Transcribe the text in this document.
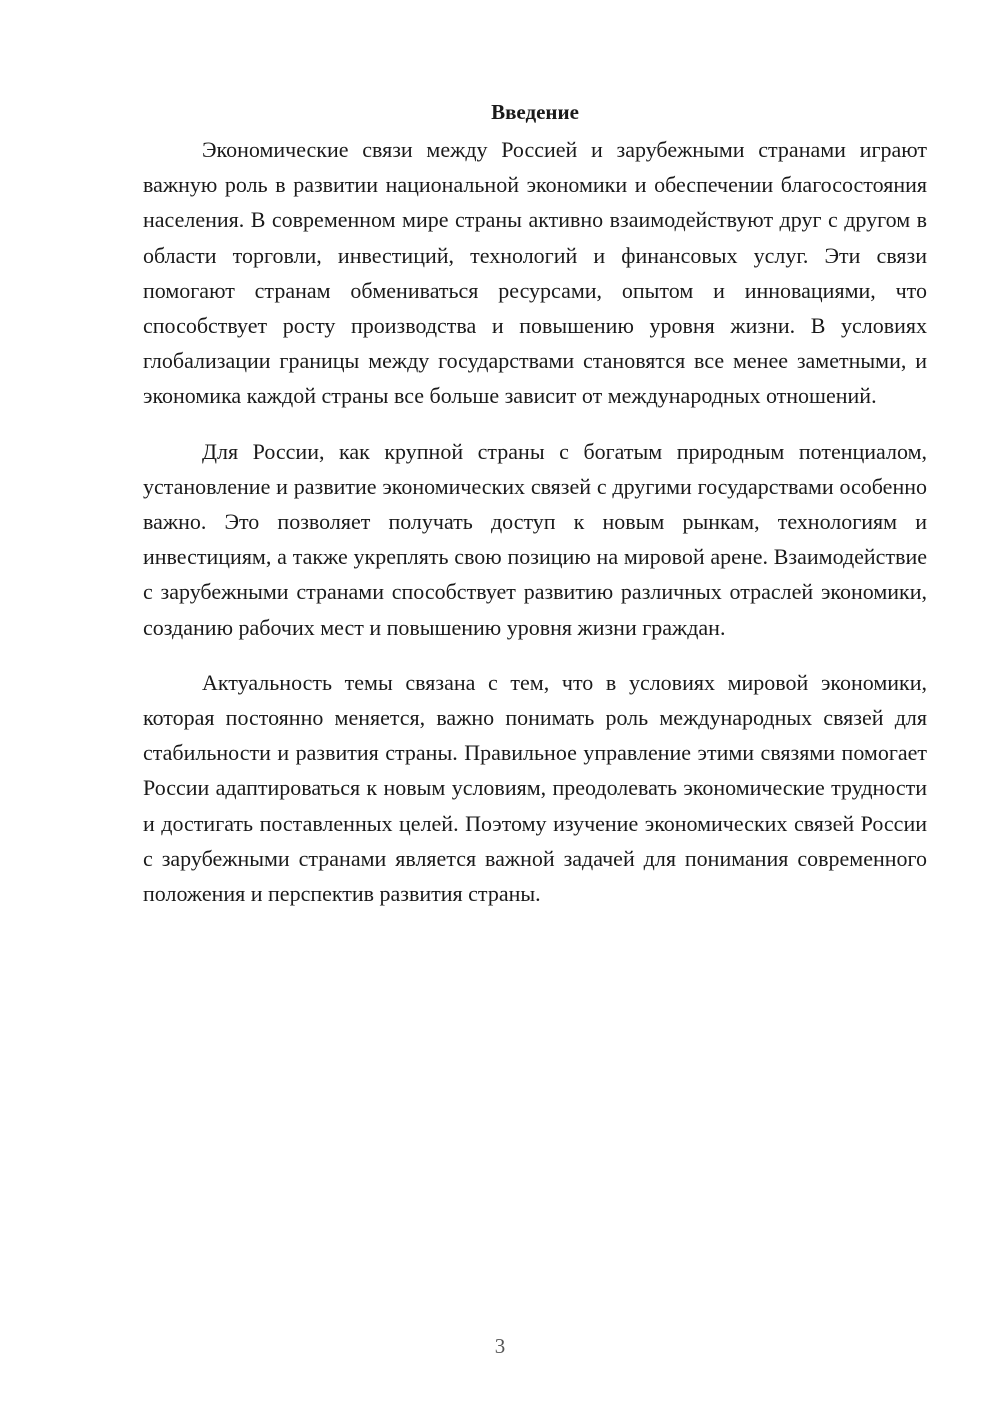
Введение

Экономические связи между Россией и зарубежными странами играют важную роль в развитии национальной экономики и обеспечении благосостояния населения. В современном мире страны активно взаимодействуют друг с другом в области торговли, инвестиций, технологий и финансовых услуг. Эти связи помогают странам обмениваться ресурсами, опытом и инновациями, что способствует росту производства и повышению уровня жизни. В условиях глобализации границы между государствами становятся все менее заметными, и экономика каждой страны все больше зависит от международных отношений.

Для России, как крупной страны с богатым природным потенциалом, установление и развитие экономических связей с другими государствами особенно важно. Это позволяет получать доступ к новым рынкам, технологиям и инвестициям, а также укреплять свою позицию на мировой арене. Взаимодействие с зарубежными странами способствует развитию различных отраслей экономики, созданию рабочих мест и повышению уровня жизни граждан.

Актуальность темы связана с тем, что в условиях мировой экономики, которая постоянно меняется, важно понимать роль международных связей для стабильности и развития страны. Правильное управление этими связями помогает России адаптироваться к новым условиям, преодолевать экономические трудности и достигать поставленных целей. Поэтому изучение экономических связей России с зарубежными странами является важной задачей для понимания современного положения и перспектив развития страны.

3
